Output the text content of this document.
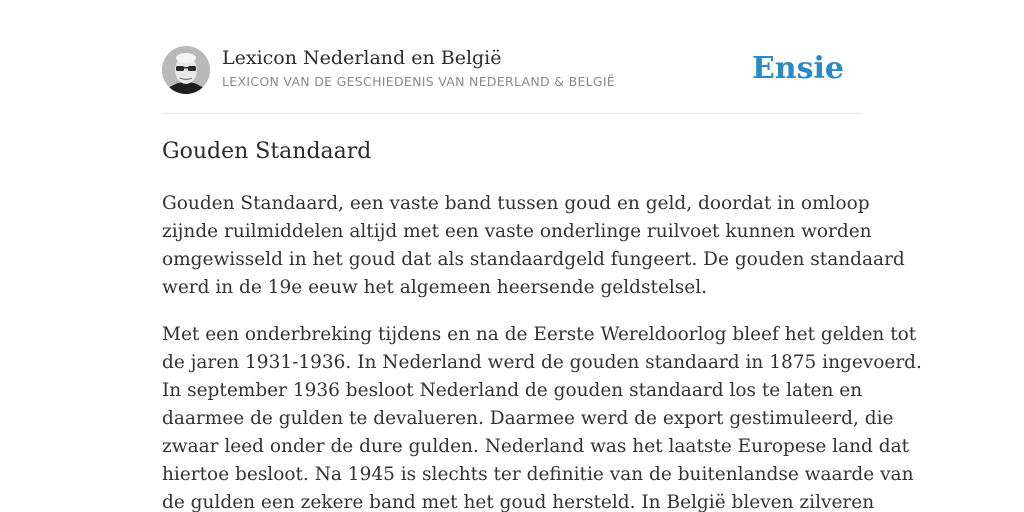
Lexicon Nederland en België
LEXICON VAN DE GESCHIEDENIS VAN NEDERLAND & BELGIË	Ensie
Gouden Standaard

Gouden Standaard, een vaste band tussen goud en geld, doordat in omloop
zijnde ruilmiddelen altijd met een vaste onderlinge ruilvoet kunnen worden
omgewisseld in het goud dat als standaardgeld fungeert. De gouden standaard
werd in de 19e eeuw het algemeen heersende geldstelsel.

Met een onderbreking tijdens en na de Eerste Wereldoorlog bleef het gelden tot
de jaren 1931-1936. In Nederland werd de gouden standaard in 1875 ingevoerd.
In september 1936 besloot Nederland de gouden standaard los te laten en
daarmee de gulden te devalueren. Daarmee werd de export gestimuleerd, die
zwaar leed onder de dure gulden. Nederland was het laatste Europese land dat
hiertoe besloot. Na 1945 is slechts ter definitie van de buitenlandse waarde van
de gulden een zekere band met het goud hersteld. In België bleven zilveren
